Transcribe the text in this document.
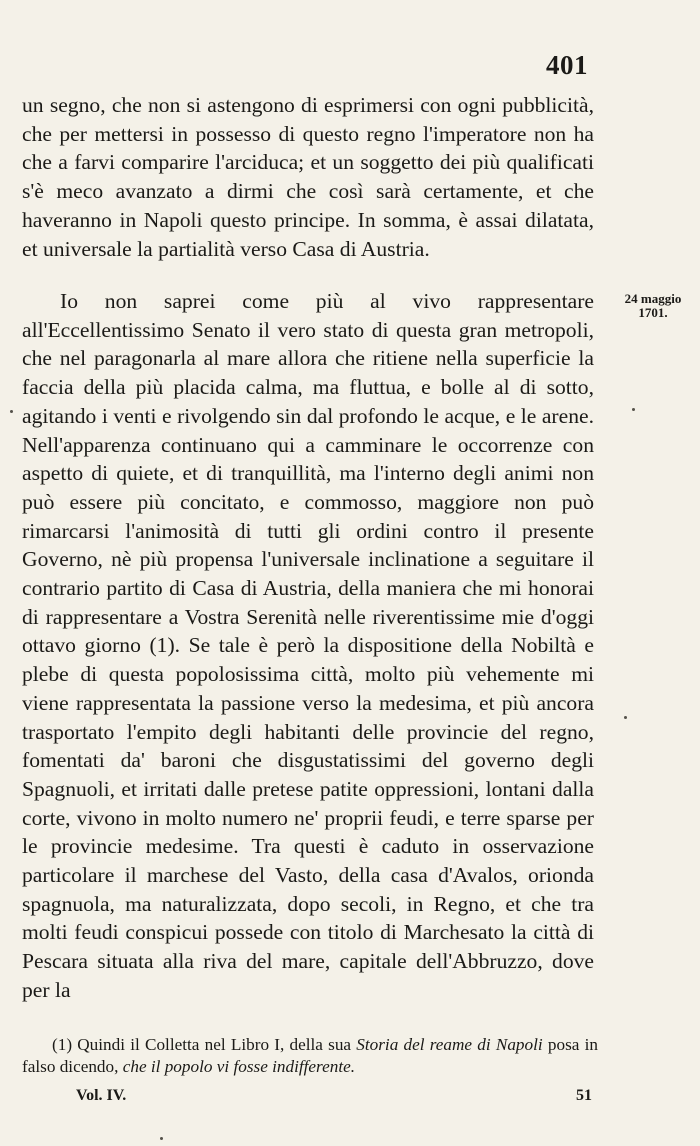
401
24 maggio
1701.

un segno, che non si astengono di esprimersi con ogni pubblicità, che per mettersi in possesso di questo regno l'imperatore non ha che a farvi comparire l'arciduca; et un soggetto dei più qualificati s'è meco avanzato a dirmi che così sarà certamente, et che haveranno in Napoli questo principe. In somma, è assai dilatata, et universale la partialità verso Casa di Austria.

Io non saprei come più al vivo rappresentare all'Eccellentissimo Senato il vero stato di questa gran metropoli, che nel paragonarla al mare allora che ritiene nella superficie la faccia della più placida calma, ma fluttua, e bolle al di sotto, agitando i venti e rivolgendo sin dal profondo le acque, e le arene. Nell'apparenza continuano qui a camminare le occorrenze con aspetto di quiete, et di tranquillità, ma l'interno degli animi non può essere più concitato, e commosso, maggiore non può rimarcarsi l'animosità di tutti gli ordini contro il presente Governo, nè più propensa l'universale inclinatione a seguitare il contrario partito di Casa di Austria, della maniera che mi honorai di rappresentare a Vostra Serenità nelle riverentissime mie d'oggi ottavo giorno (1). Se tale è però la dispositione della Nobiltà e plebe di questa popolosissima città, molto più vehemente mi viene rappresentata la passione verso la medesima, et più ancora trasportato l'empito degli habitanti delle provincie del regno, fomentati da' baroni che disgustatissimi del governo degli Spagnuoli, et irritati dalle pretese patite oppressioni, lontani dalla corte, vivono in molto numero ne' proprii feudi, e terre sparse per le provincie medesime. Tra questi è caduto in osservazione particolare il marchese del Vasto, della casa d'Avalos, orionda spagnuola, ma naturalizzata, dopo secoli, in Regno, et che tra molti feudi conspicui possede con titolo di Marchesato la città di Pescara situata alla riva del mare, capitale dell'Abbruzzo, dove per la

(1) Quindi il Colletta nel Libro I, della sua Storia del reame di Napoli posa in falso dicendo, che il popolo vi fosse indifferente.

Vol. IV.	51
